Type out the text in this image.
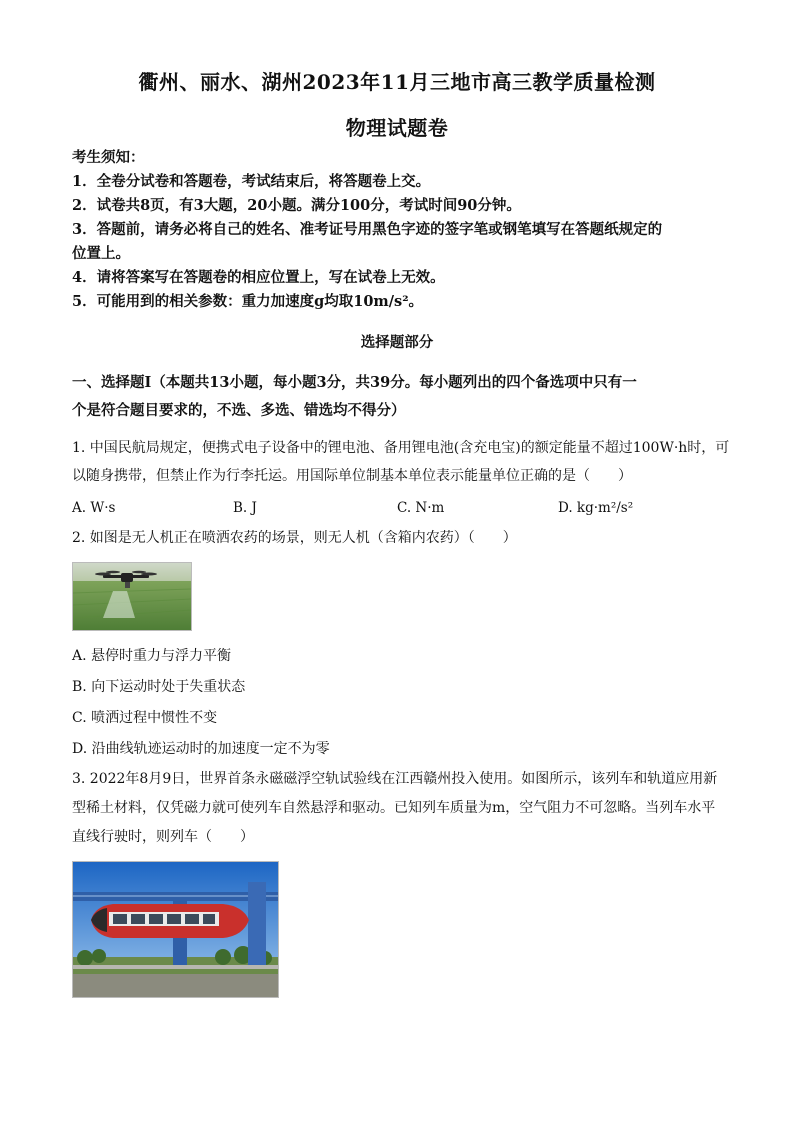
衢州、丽水、湖州2023年11月三地市高三教学质量检测
物理试题卷
考生须知：
1．全卷分试卷和答题卷，考试结束后，将答题卷上交。
2．试卷共8页，有3大题，20小题。满分100分，考试时间90分钟。
3．答题前，请务必将自己的姓名、准考证号用黑色字迹的签字笔或钢笔填写在答题纸规定的
位置上。
4．请将答案写在答题卷的相应位置上，写在试卷上无效。
5．可能用到的相关参数：重力加速度g均取10m/s²。
选择题部分
一、选择题Ⅰ（本题共13小题，每小题3分，共39分。每小题列出的四个备选项中只有一
个是符合题目要求的，不选、多选、错选均不得分）
1. 中国民航局规定，便携式电子设备中的锂电池、备用锂电池(含充电宝)的额定能量不超过100W·h时，可
以随身携带，但禁止作为行李托运。用国际单位制基本单位表示能量单位正确的是（　　）
A. W·s	B. J	C. N·m	D. kg·m²/s²
2. 如图是无人机正在喷洒农药的场景，则无人机（含箱内农药）（　　）
A. 悬停时重力与浮力平衡
B. 向下运动时处于失重状态
C. 喷洒过程中惯性不变
D. 沿曲线轨迹运动时的加速度一定不为零
3. 2022年8月9日，世界首条永磁磁浮空轨试验线在江西赣州投入使用。如图所示，该列车和轨道应用新
型稀土材料，仅凭磁力就可使列车自然悬浮和驱动。已知列车质量为m，空气阻力不可忽略。当列车水平
直线行驶时，则列车（　　）
